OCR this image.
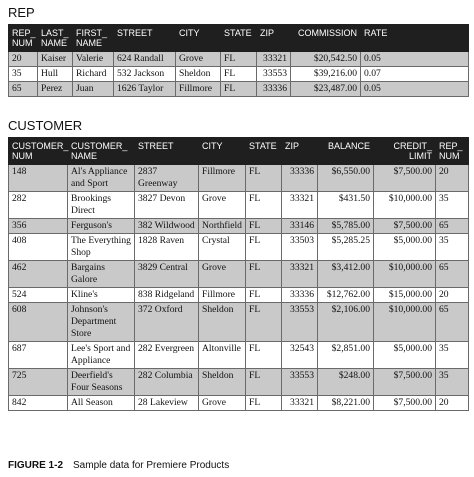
REP
REP_ NUM	LAST_ NAME	FIRST_ NAME	STREET	CITY	STATE	ZIP	COMMISSION	RATE
20	Kaiser	Valerie	624 Randall	Grove	FL	33321	$20,542.50	0.05
35	Hull	Richard	532 Jackson	Sheldon	FL	33553	$39,216.00	0.07
65	Perez	Juan	1626 Taylor	Fillmore	FL	33336	$23,487.00	0.05
CUSTOMER
CUSTOMER_ NUM	CUSTOMER_ NAME	STREET	CITY	STATE	ZIP	BALANCE	CREDIT_ LIMIT	REP_ NUM
148	Al's Appliance and Sport	2837 Greenway	Fillmore	FL	33336	$6,550.00	$7,500.00	20
282	Brookings Direct	3827 Devon	Grove	FL	33321	$431.50	$10,000.00	35
356	Ferguson's	382 Wildwood	Northfield	FL	33146	$5,785.00	$7,500.00	65
408	The Everything Shop	1828 Raven	Crystal	FL	33503	$5,285.25	$5,000.00	35
462	Bargains Galore	3829 Central	Grove	FL	33321	$3,412.00	$10,000.00	65
524	Kline's	838 Ridgeland	Fillmore	FL	33336	$12,762.00	$15,000.00	20
608	Johnson's Department Store	372 Oxford	Sheldon	FL	33553	$2,106.00	$10,000.00	65
687	Lee's Sport and Appliance	282 Evergreen	Altonville	FL	32543	$2,851.00	$5,000.00	35
725	Deerfield's Four Seasons	282 Columbia	Sheldon	FL	33553	$248.00	$7,500.00	35
842	All Season	28 Lakeview	Grove	FL	33321	$8,221.00	$7,500.00	20
FIGURE 1-2 Sample data for Premiere Products
